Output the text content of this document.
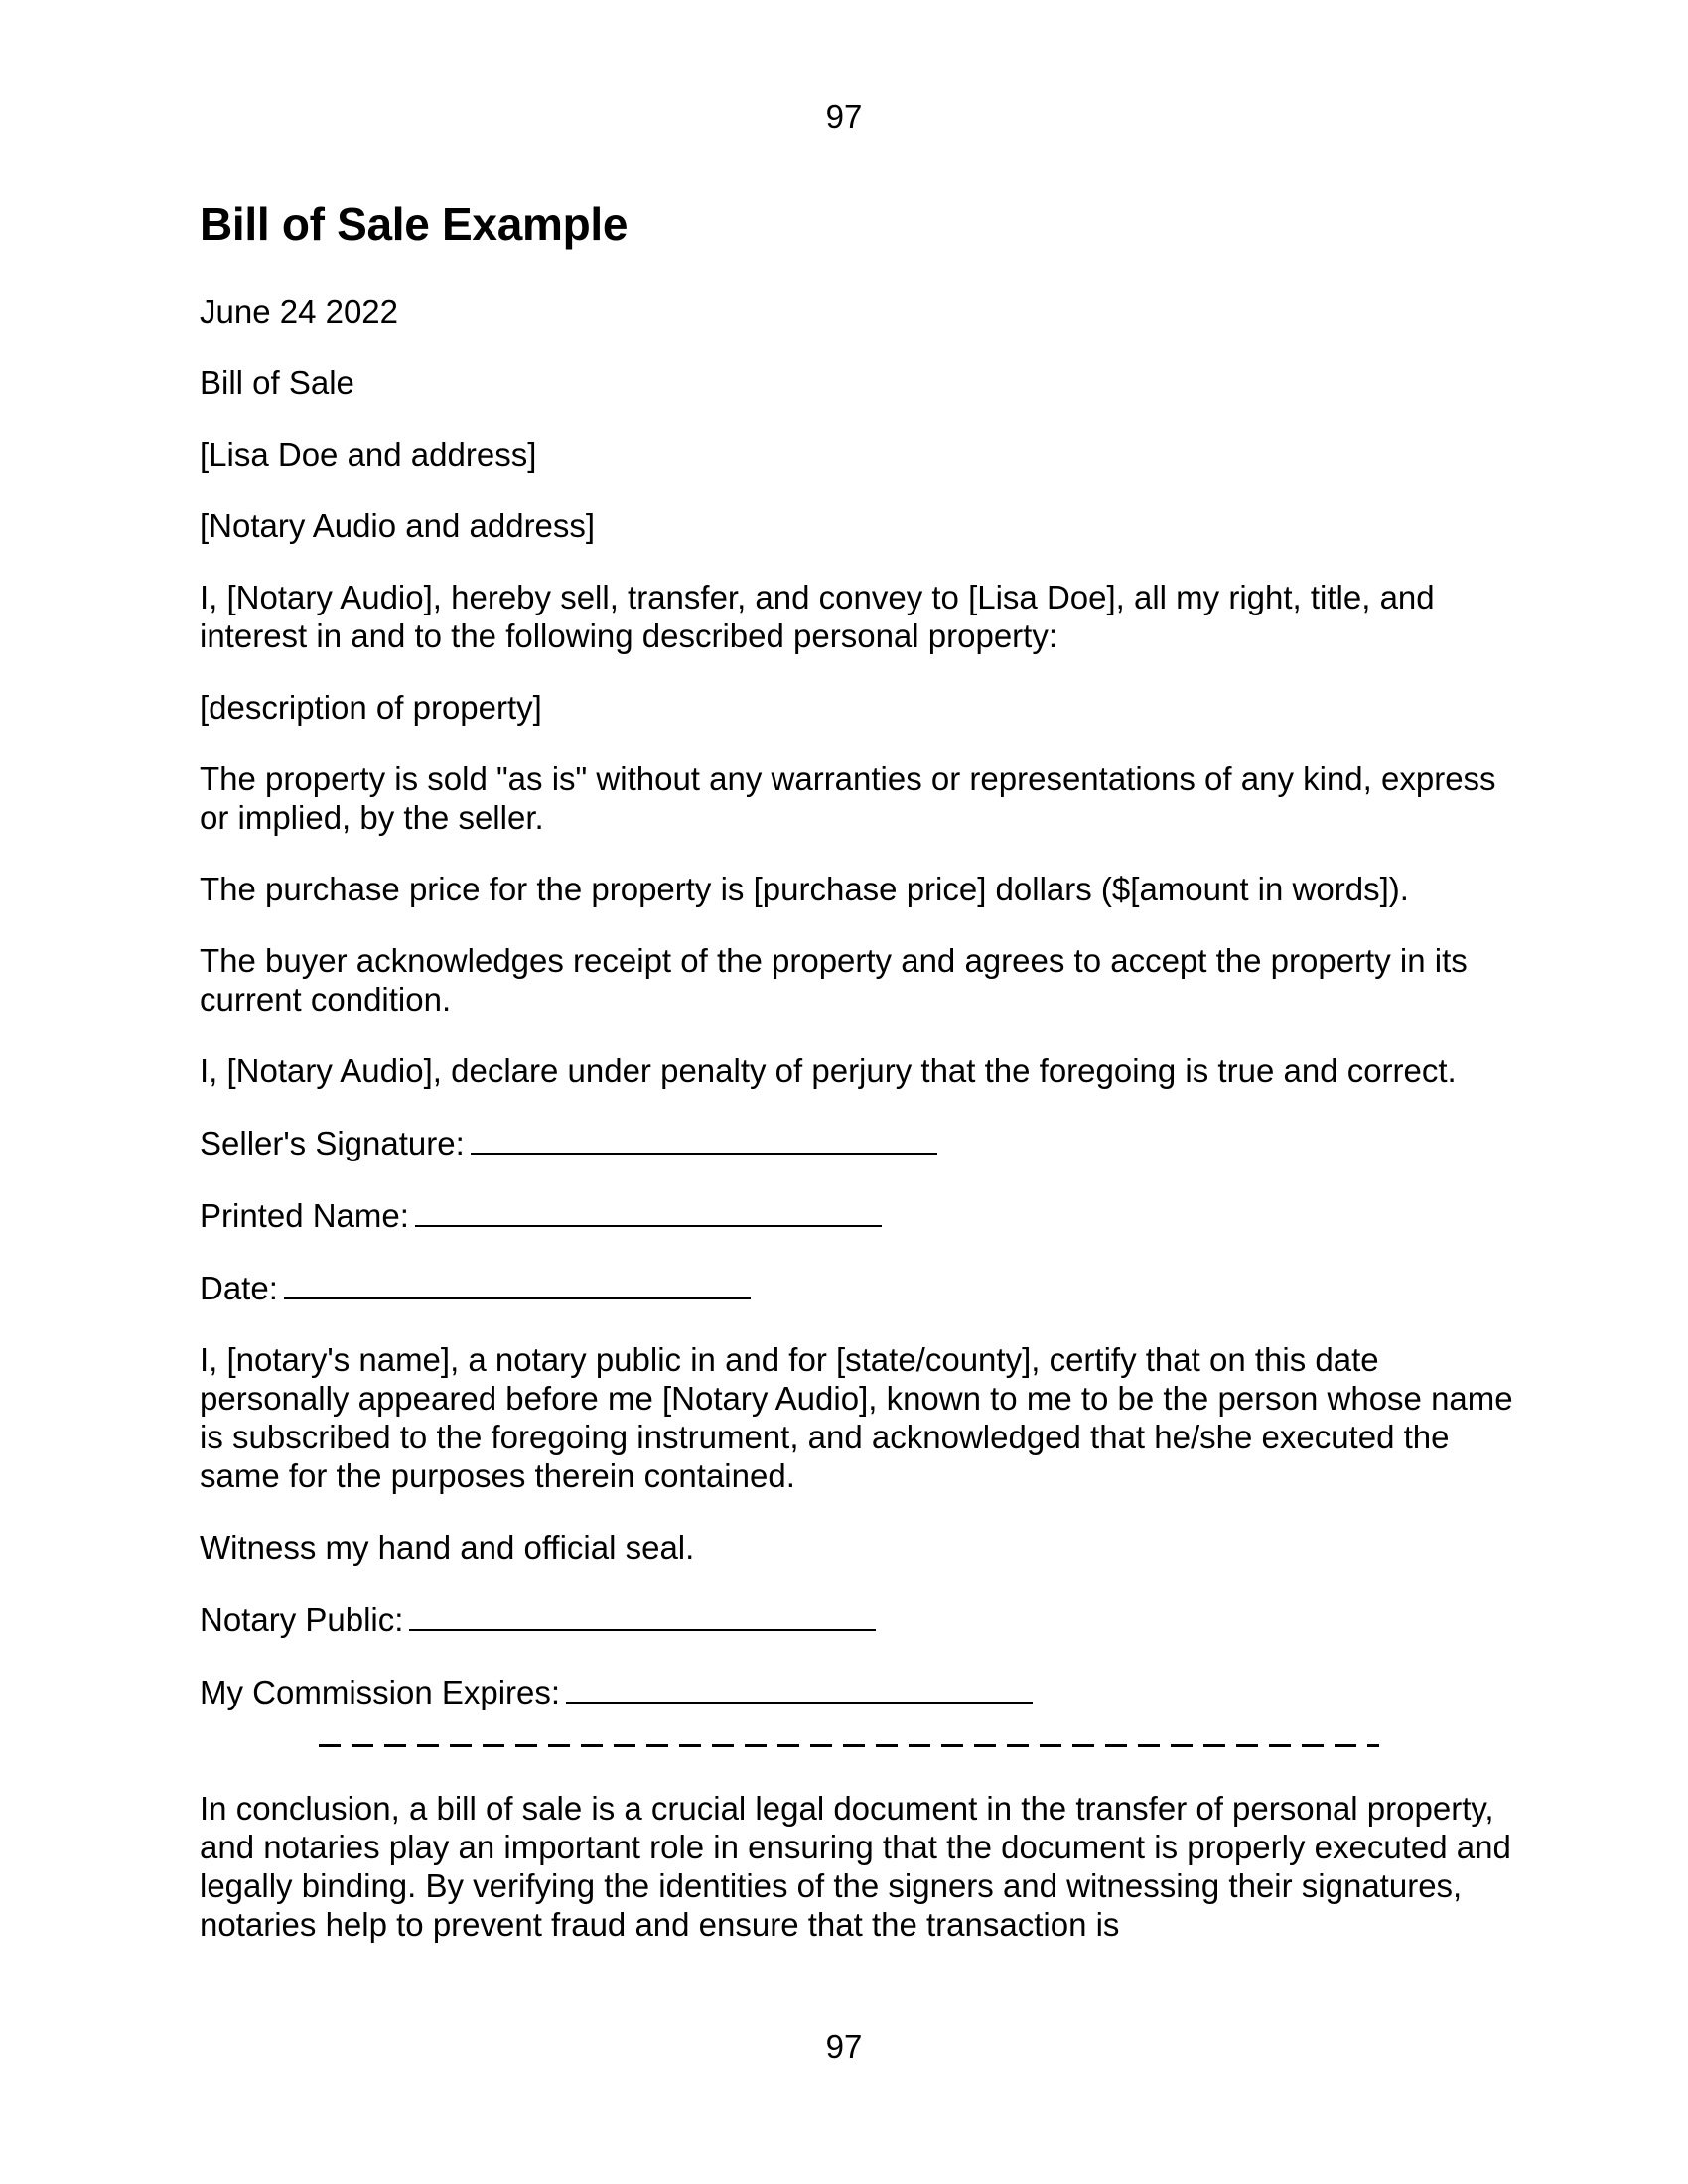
97
Bill of Sale Example

June 24 2022

Bill of Sale

[Lisa Doe and address]

[Notary Audio and address]

I, [Notary Audio], hereby sell, transfer, and convey to [Lisa Doe], all my right, title, and interest in and to the following described personal property:

[description of property]

The property is sold "as is" without any warranties or representations of any kind, express or implied, by the seller.

The purchase price for the property is [purchase price] dollars ($[amount in words]).

The buyer acknowledges receipt of the property and agrees to accept the property in its current condition.

I, [Notary Audio], declare under penalty of perjury that the foregoing is true and correct.

Seller's Signature:

Printed Name:

Date:

I, [notary's name], a notary public in and for [state/county], certify that on this date personally appeared before me [Notary Audio], known to me to be the person whose name is subscribed to the foregoing instrument, and acknowledged that he/she executed the same for the purposes therein contained.

Witness my hand and official seal.

Notary Public:

My Commission Expires:

In conclusion, a bill of sale is a crucial legal document in the transfer of personal property, and notaries play an important role in ensuring that the document is properly executed and legally binding. By verifying the identities of the signers and witnessing their signatures, notaries help to prevent fraud and ensure that the transaction is

97
